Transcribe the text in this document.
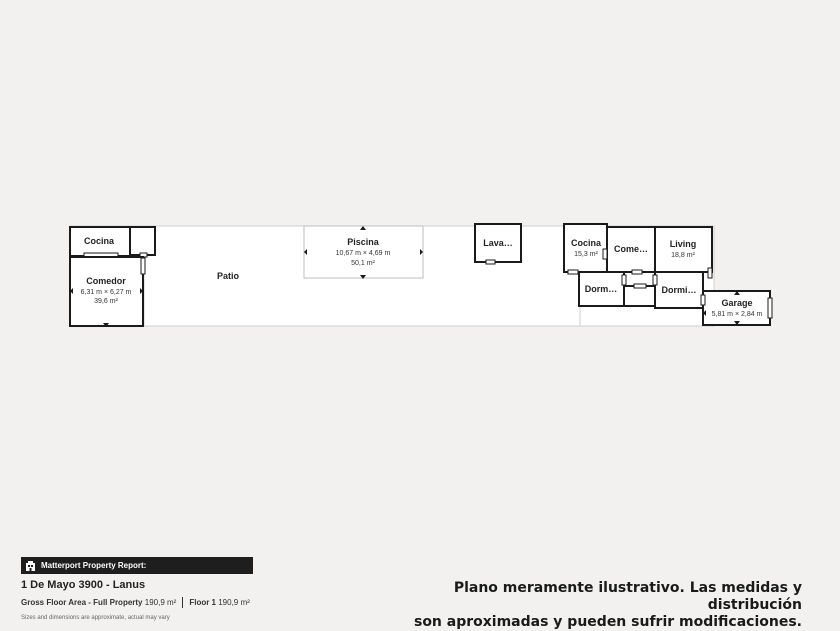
Patio
Piscina
10,67 m × 4,69 m
50,1 m²
Cocina
Comedor
6,31 m × 6,27 m
39,6 m²
Lava…	Cocina
15,3 m²
Come… Living
18,8 m²
Dorm…	Dormi…
Garage
5,81 m × 2,84 m
Matterport Property Report:
1 De Mayo 3900 - Lanus
Gross Floor Area - Full Property
190,9 m² Floor 1
190,9 m²
Sizes and dimensions are approximate, actual may vary
Plano meramente ilustrativo. Las medidas y distribución
son aproximadas y pueden sufrir modificaciones.
